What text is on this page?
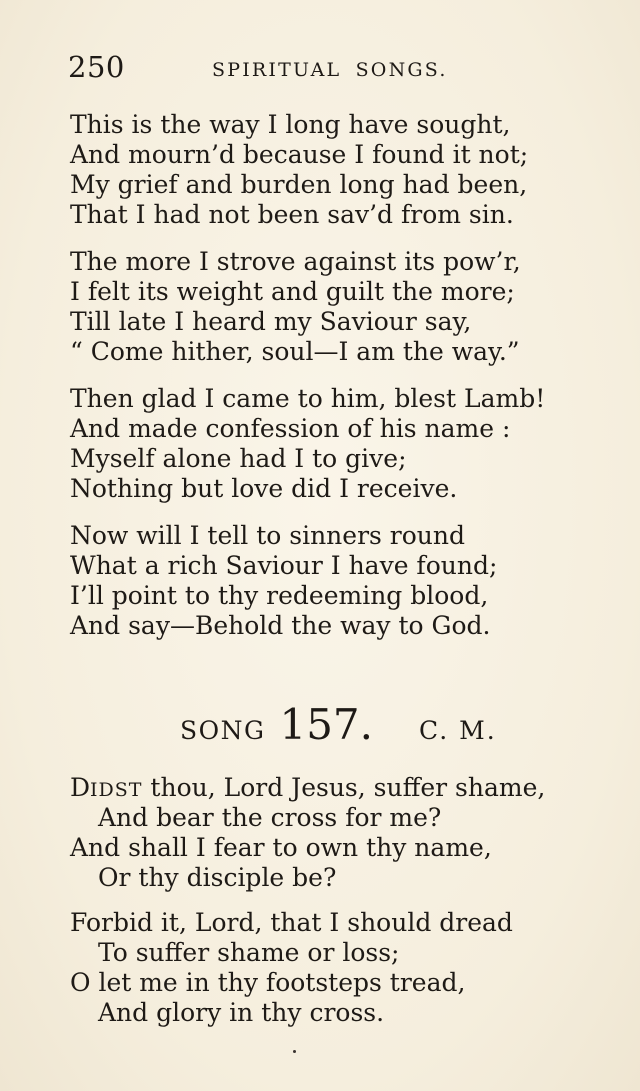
250	SPIRITUAL SONGS.
This is the way I long have sought,
And mourn’d because I found it not;
My grief and burden long had been,
That I had not been sav’d from sin.
The more I strove against its pow’r,
I felt its weight and guilt the more;
Till late I heard my Saviour say,
“ Come hither, soul—I am the way.”
Then glad I came to him, blest Lamb!
And made confession of his name :
Myself alone had I to give;
Nothing but love did I receive.
Now will I tell to sinners round
What a rich Saviour I have found;
I’ll point to thy redeeming blood,
And say—Behold the way to God.
SONG 157. C. M.
DIDST thou, Lord Jesus, suffer shame,
And bear the cross for me?
And shall I fear to own thy name,
Or thy disciple be?
Forbid it, Lord, that I should dread
To suffer shame or loss;
O let me in thy footsteps tread,
And glory in thy cross.
